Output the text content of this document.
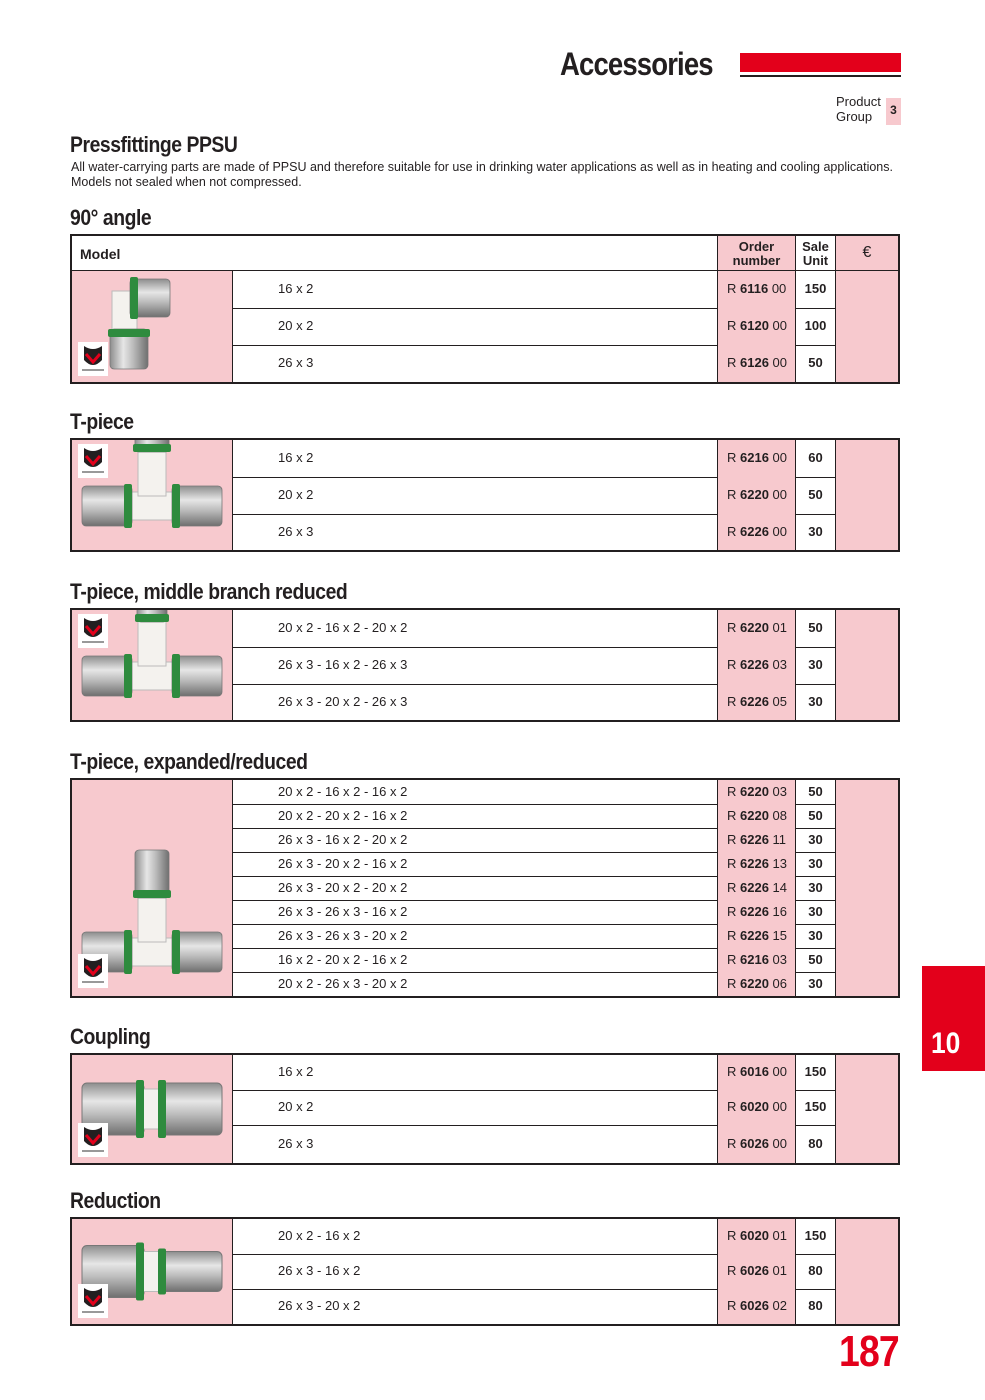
Accessories
Product
Group	3
Pressfittinge PPSU
All water-carrying parts are made of PPSU and therefore suitable for use in drinking water applications as well as in heating and cooling applications. Models not sealed when not compressed.
90° angle
T-piece
T-piece, middle branch reduced
T-piece, expanded/reduced
Coupling
Reduction
Model	Order
number
Sale
Unit	€
16 x 2	R 6116 00	150
20 x 2	R 6120 00	100
26 x 3	R 6126 00	50
16 x 2	R 6216 00	60
20 x 2	R 6220 00	50
26 x 3	R 6226 00	30
20 x 2 - 16 x 2 - 20 x 2	R 6220 01	50
26 x 3 - 16 x 2 - 26 x 3	R 6226 03	30
26 x 3 - 20 x 2 - 26 x 3	R 6226 05	30
20 x 2 - 16 x 2 - 16 x 2	R 6220 03	50
20 x 2 - 20 x 2 - 16 x 2	R 6220 08	50
26 x 3 - 16 x 2 - 20 x 2	R 6226 11	30
26 x 3 - 20 x 2 - 16 x 2	R 6226 13	30
26 x 3 - 20 x 2 - 20 x 2	R 6226 14	30
26 x 3 - 26 x 3 - 16 x 2	R 6226 16	30
26 x 3 - 26 x 3 - 20 x 2	R 6226 15	30
16 x 2 - 20 x 2 - 16 x 2	R 6216 03	50
20 x 2 - 26 x 3 - 20 x 2	R 6220 06	30
16 x 2	R 6016 00	150
20 x 2	R 6020 00	150
26 x 3	R 6026 00	80
20 x 2 - 16 x 2	R 6020 01	150
26 x 3 - 16 x 2	R 6026 01	80
26 x 3 - 20 x 2	R 6026 02	80
10
187
